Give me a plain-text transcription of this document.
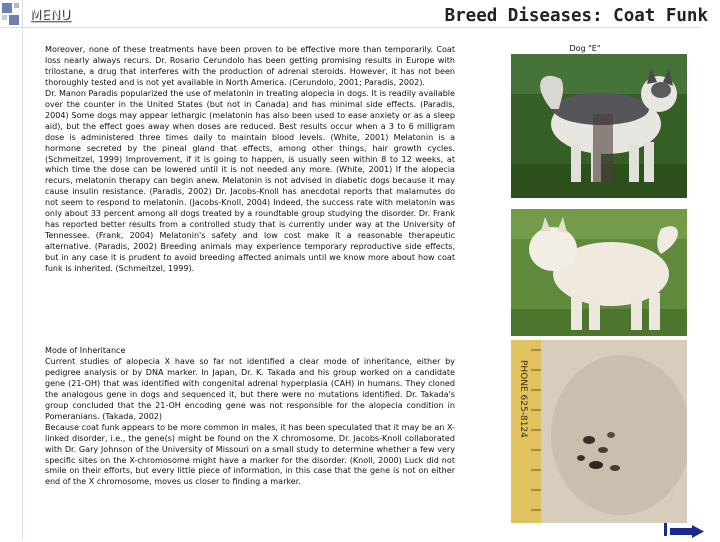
MENU	Breed Diseases: Coat Funk

Moreover, none of these treatments have been proven to be effective more than temporarily. Coat loss nearly always recurs. Dr. Rosario Cerundolo has been getting promising results in Europe with trilostane, a drug that interferes with the production of adrenal steroids. However, it has not been thoroughly tested and is not yet available in North America. (Cerundolo, 2001; Paradis, 2002).

Dr. Manon Paradis popularized the use of melatonin in treating alopecia in dogs. It is readily available over the counter in the United States (but not in Canada) and has minimal side effects. (Paradis, 2004) Some dogs may appear lethargic (melatonin has also been used to ease anxiety or as a sleep aid), but the effect goes away when doses are reduced. Best results occur when a 3 to 6 milligram dose is administered three times daily to maintain blood levels. (White, 2001) Melatonin is a hormone secreted by the pineal gland that effects, among other things, hair growth cycles. (Schmeitzel, 1999) Improvement, if it is going to happen, is usually seen within 8 to 12 weeks, at which time the dose can be lowered until it is not needed any more. (White, 2001) If the alopecia recurs, melatonin therapy can begin anew. Melatonin is not advised in diabetic dogs because it may cause insulin resistance. (Paradis, 2002) Dr. Jacobs-Knoll has anecdotal reports that malamutes do not seem to respond to melatonin. (Jacobs-Knoll, 2004) Indeed, the success rate with melatonin was only about 33 percent among all dogs treated by a roundtable group studying the disorder. Dr. Frank has reported better results from a controlled study that is currently under way at the University of Tennessee. (Frank, 2004) Melatonin's safety and low cost make it a reasonable therapeutic alternative. (Paradis, 2002) Breeding animals may experience temporary reproductive side effects, but in any case it is prudent to avoid breeding affected animals until we know more about how coat funk is inherited. (Schmeitzel, 1999).

Mode of Inheritance

Current studies of alopecia X have so far not identified a clear mode of inheritance, either by pedigree analysis or by DNA marker. In Japan, Dr. K. Takada and his group worked on a candidate gene (21-OH) that was identified with congenital adrenal hyperplasia (CAH) in humans. They cloned the analogous gene in dogs and sequenced it, but there were no mutations identified. Dr. Takada's group concluded that the 21-OH encoding gene was not responsible for the alopecia condition in Pomeranians. (Takada, 2002)

Because coat funk appears to be more common in males, it has been speculated that it may be an X-linked disorder, i.e., the gene(s) might be found on the X chromosome. Dr. Jacobs-Knoll collaborated with Dr. Gary Johnson of the University of Missouri on a small study to determine whether a few very specific sites on the X-chromosome might have a marker for the disorder. (Knoll, 2000) Luck did not smile on their efforts, but every little piece of information, in this case that the gene is not on either end of the X chromosome, moves us closer to finding a marker.

Dog "E"
PHONE 625-8124
